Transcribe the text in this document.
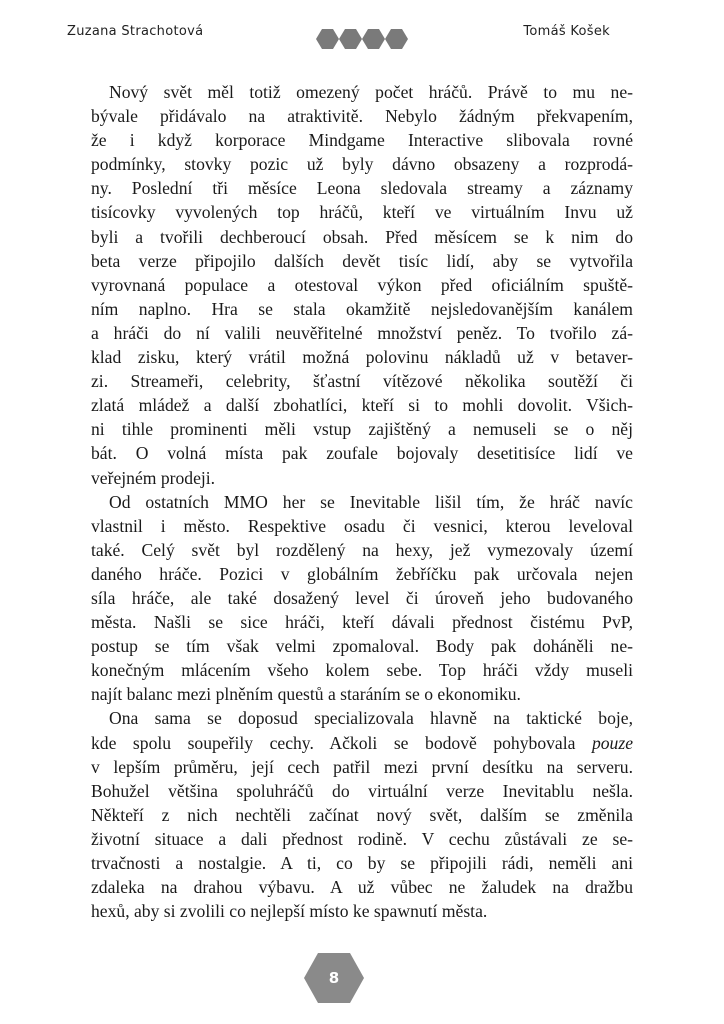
Zuzana Strachotová	Tomáš Košek

Nový svět měl totiž omezený počet hráčů. Právě to mu ne-
bývale přidávalo na atraktivitě. Nebylo žádným překvapením,
že i když korporace Mindgame Interactive slibovala rovné
podmínky, stovky pozic už byly dávno obsazeny a rozprodá-
ny. Poslední tři měsíce Leona sledovala streamy a záznamy
tisícovky vyvolených top hráčů, kteří ve virtuálním Invu už
byli a tvořili dechberoucí obsah. Před měsícem se k nim do
beta verze připojilo dalších devět tisíc lidí, aby se vytvořila
vyrovnaná populace a otestoval výkon před oficiálním spuště-
ním naplno. Hra se stala okamžitě nejsledovanějším kanálem
a hráči do ní valili neuvěřitelné množství peněz. To tvořilo zá-
klad zisku, který vrátil možná polovinu nákladů už v betaver-
zi. Streameři, celebrity, šťastní vítězové několika soutěží či
zlatá mládež a další zbohatlíci, kteří si to mohli dovolit. Všich-
ni tihle prominenti měli vstup zajištěný a nemuseli se o něj
bát. O volná místa pak zoufale bojovaly desetitisíce lidí ve
veřejném prodeji.

Od ostatních MMO her se Inevitable lišil tím, že hráč navíc
vlastnil i město. Respektive osadu či vesnici, kterou leveloval
také. Celý svět byl rozdělený na hexy, jež vymezovaly území
daného hráče. Pozici v globálním žebříčku pak určovala nejen
síla hráče, ale také dosažený level či úroveň jeho budovaného
města. Našli se sice hráči, kteří dávali přednost čistému PvP,
postup se tím však velmi zpomaloval. Body pak doháněli ne-
konečným mlácením všeho kolem sebe. Top hráči vždy museli
najít balanc mezi plněním questů a staráním se o ekonomiku.

Ona sama se doposud specializovala hlavně na taktické boje,
kde spolu soupeřily cechy. Ačkoli se bodově pohybovala pouze
v lepším průměru, její cech patřil mezi první desítku na serveru.
Bohužel většina spoluhráčů do virtuální verze Inevitablu nešla.
Někteří z nich nechtěli začínat nový svět, dalším se změnila
životní situace a dali přednost rodině. V cechu zůstávali ze se-
trvačnosti a nostalgie. A ti, co by se připojili rádi, neměli ani
zdaleka na drahou výbavu. A už vůbec ne žaludek na dražbu
hexů, aby si zvolili co nejlepší místo ke spawnutí města.

8
